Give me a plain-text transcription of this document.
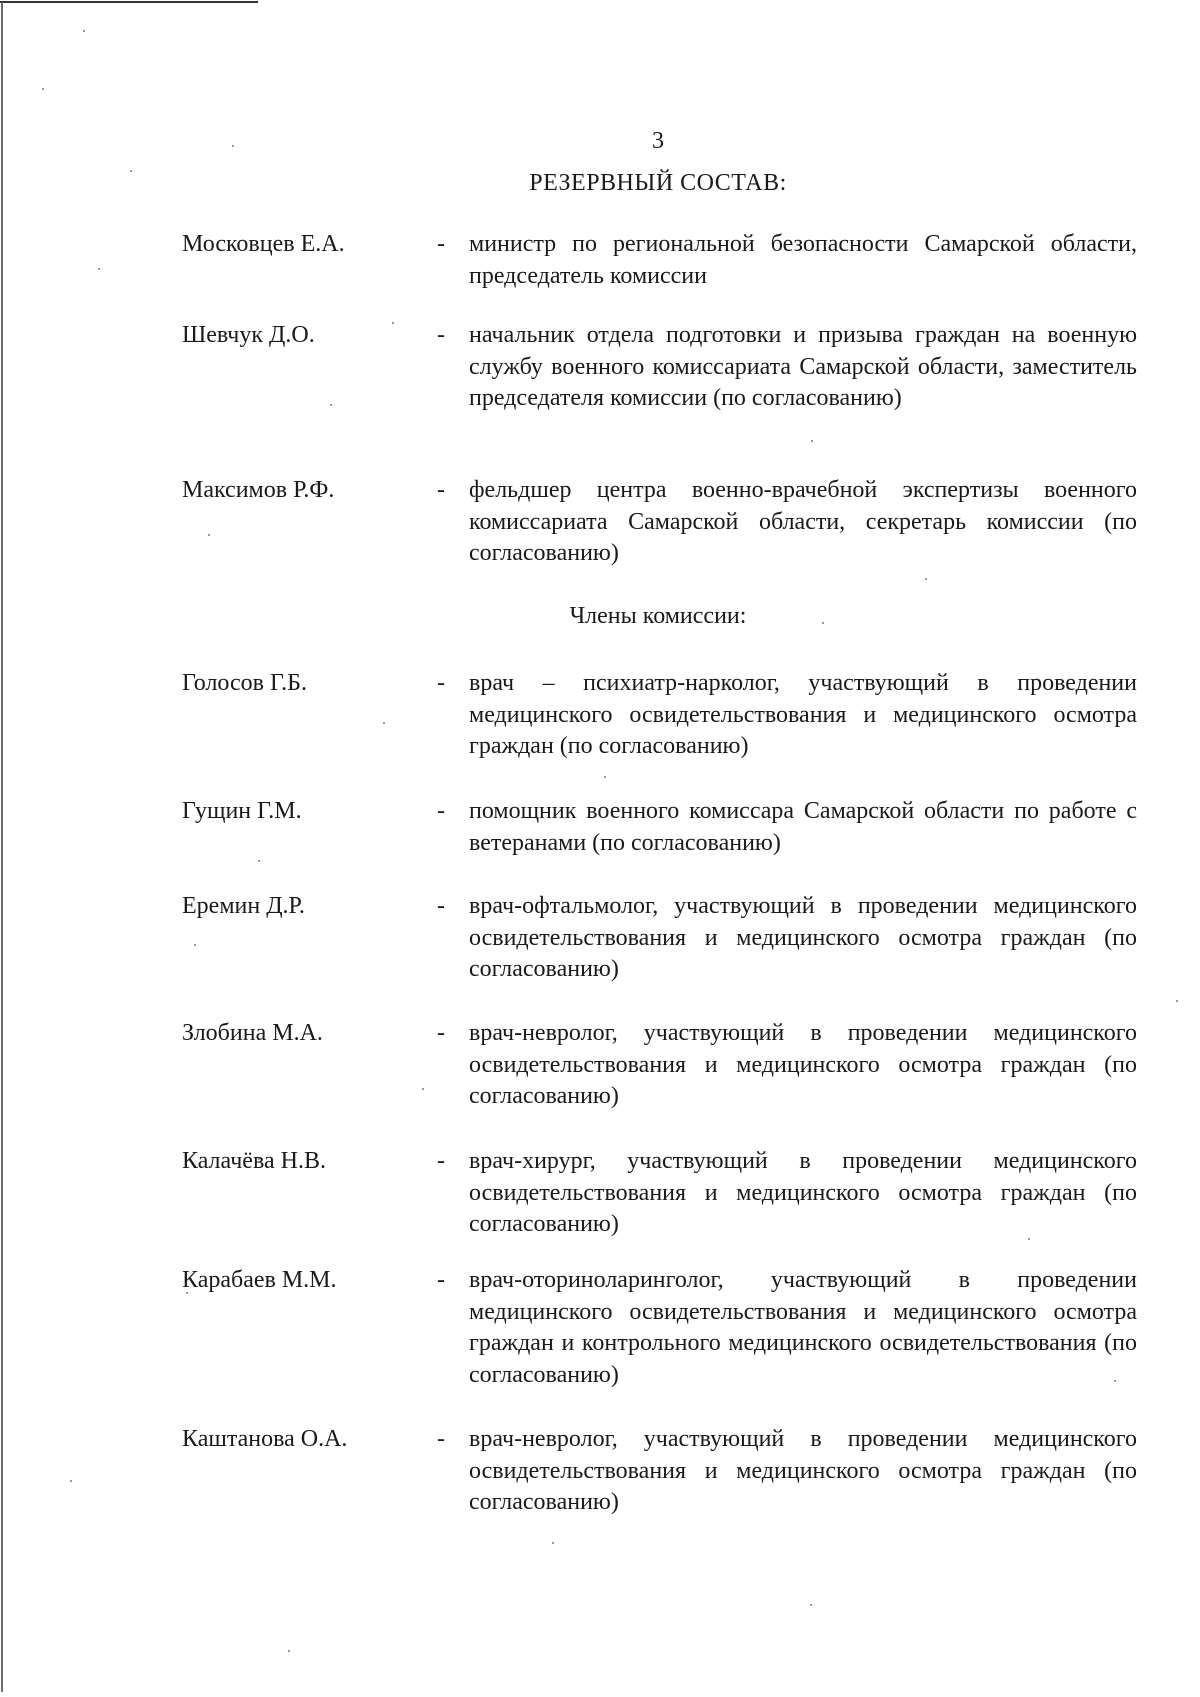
3
РЕЗЕРВНЫЙ СОСТАВ:
Московцев Е.А.	- министр по региональной безопасности Самарской области, председатель комиссии
Шевчук Д.О.	- начальник отдела подготовки и призыва граждан на военную службу военного комиссариата Самарской области, заместитель председателя комиссии (по согласованию)
Максимов Р.Ф.	- фельдшер центра военно-врачебной экспертизы военного комиссариата Самарской области, секретарь комиссии (по согласованию)
Члены комиссии:
Голосов Г.Б.	- врач – психиатр-нарколог, участвующий в проведении медицинского освидетельствования и медицинского осмотра граждан (по согласованию)
Гущин Г.М.	- помощник военного комиссара Самарской области по работе с ветеранами (по согласованию)
Еремин Д.Р.	- врач-офтальмолог, участвующий в проведении медицинского освидетельствования и медицинского осмотра граждан (по согласованию)
Злобина М.А.	- врач-невролог, участвующий в проведении медицинского освидетельствования и медицинского осмотра граждан (по согласованию)
Калачёва Н.В.	- врач-хирург, участвующий в проведении медицинского освидетельствования и медицинского осмотра граждан (по согласованию)
Карабаев М.М.	- врач-оториноларинголог, участвующий в проведении медицинского освидетельствования и медицинского осмотра граждан и контрольного медицинского освидетельствования (по согласованию)
Каштанова О.А.	- врач-невролог, участвующий в проведении медицинского освидетельствования и медицинского осмотра граждан (по согласованию)
